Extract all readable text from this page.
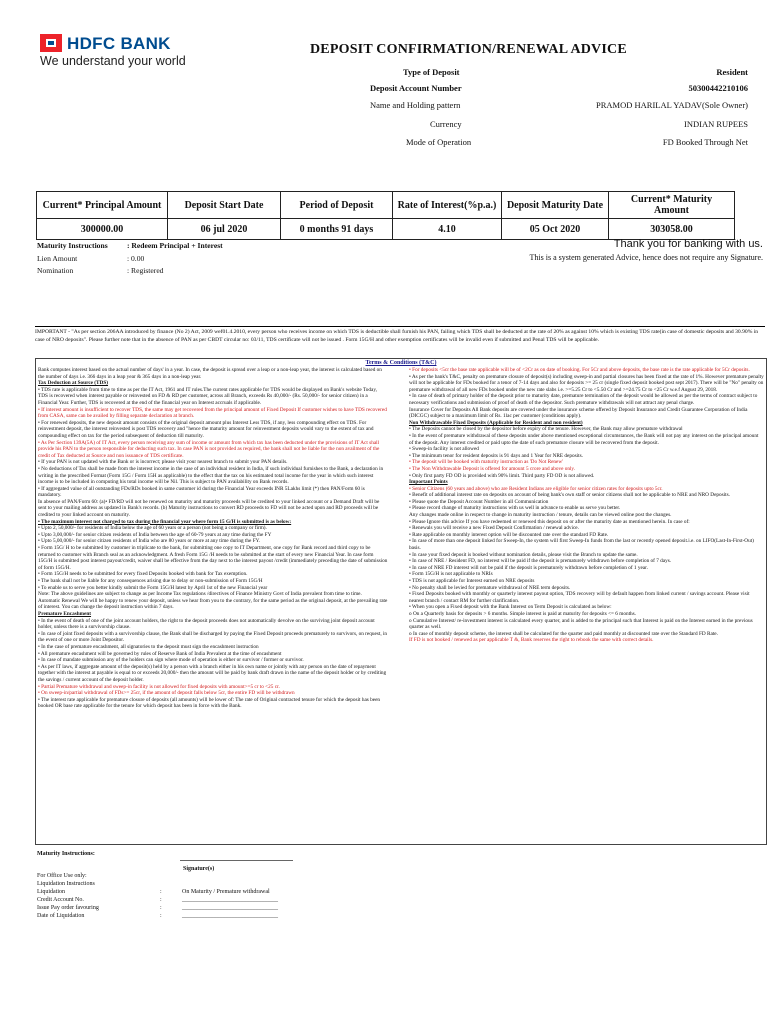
HDFC BANK
We understand your world
DEPOSIT CONFIRMATION/RENEWAL ADVICE
Type of Deposit	Resident
Deposit Account Number	50300442210106
Name and Holding pattern	PRAMOD HARILAL YADAV(Sole Owner)
Currency	INDIAN RUPEES
Mode of Operation	FD Booked Through Net
Current* Principal Amount	Deposit Start Date	Period of Deposit	Rate of Interest(%p.a.)	Deposit Maturity Date	Current* Maturity Amount
300000.00	06 jul 2020	0 months 91 days	4.10	05 Oct 2020	303058.00
Maturity Instructions	: Redeem Principal + Interest
Lien Amount	: 0.00
Nomination	: Registered
Thank you for banking with us.
This is a system generated Advice, hence does not require any Signature.
IMPORTANT - "As per section 206AA introduced by finance (No 2) Act, 2009 wef01.4.2010, every person who receives income on which TDS is deductible shall furnish his PAN, failing which TDS shall be deducted at the rate of 20% as against 10% which is existing TDS rate(in case of domestic deposits and 30.90% in case of NRO deposits". Please further note that in the absence of PAN as per CBDT circular no: 03/11, TDS certificate will not be issued . Form 15G/H and other exemption certificates will be invalid even if submitted and Penal TDS will be applicable.
Terms & Conditions (T&C)

Bank computes interest based on the actual number of days' in a year. In case, the deposit is spread over a leap or a non-leap year, the interest is calculated based on the number of days i.e. 366 days in a leap year & 365 days in a non-leap year.

Tax Deduction at Source (TDS)

• TDS rate is applicable from time to time as per the IT Act, 1961 and IT rules.The current rates applicable for TDS would be displayed on Bank's website Today, TDS is recovered when interest payable or reinvested on FD & RD per customer, across all Branch, exceeds Rs 40,000/- (Rs. 50,000/- for senior citizen) in a Financial Year. Further, TDS is recovered at the end of the financial year on Interest accruals if applicable.

• If interest amount is insufficient to recover TDS, the same may get recovered from the principal amount of Fixed Deposit If customer wishes to have TDS recovered from CASA, same can be availed by filling separate declaration at branch.

• For renewed deposits, the new deposit amount consists of the original deposit amount plus Interest Less TDS, if any, less compounding effect on TDS. For reinvestment deposit, the interest reinvested is post TDS recovery and "hence the maturity amount for reinvestment deposits would vary to the extent of tax and compounding effect on tax for the period subsequent of deduction till maturity.

• As Per Section 139A(5A) of IT Act, every person receiving any sum of income or amount from which tax has been deducted under the provisions of IT Act shall provide his PAN to the person responsible for deducting such tax. In case PAN is not provided as required, the bank shall not be liable for the non availment of the credit of Tax deducted at Source and non issuance of TDS certificate.

• If your PAN is not updated with the Bank or is incorrect; please visit your nearest branch to submit your PAN details.

• No deductions of Tax shall be made from the interest income in the case of an individual resident in India, if such individual furnishes to the Bank, a declaration in writing in the prescribed Format (Form 15G / Form 15H as applicable) to the effect that the tax on his estimated total income for the year in which such interest income is to be included in computing his total income will be Nil. This is subject to PAN availability on Bank records.

• If aggregated value of all outstanding FDs/RDs booked in same customer id during the Financial Year exceeds INR 5Lakhs limit (*) then PAN/Form 60 is mandatory.

In absence of PAN/Form 60: (a)• FD/RD will not be renewed on maturity and maturity proceeds will be credited to your linked account or a Demand Draft will be sent to your mailing address as updated in Bank's records. (b) Maturity instructions to convert RD proceeds to FD will not be acted upon and RD proceeds will be credited to your linked account on maturity.

• The maximum interest not charged to tax during the financial year where form 15 G/H is submitted is as below:

• Upto 2, 50,000/- for residents of India below the age of 60 years or a person (not being a company or firm).

• Upto 3,00,000/- for senior citizen residents of India between the age of 60-79 years at any time during the FY

• Upto 5,00,000/- for senior citizen residents of India who are 80 years or more at any time during the FY.

• Form 15G/ H to be submitted by customer in triplicate to the bank, for submitting one copy to IT Department, one copy for Bank record and third copy to be returned to customer with Branch seal as an acknowledgment. A fresh Form 15G /H needs to be submitted at the start of every new Financial Year. In case form 15G/H is submitted post interest payout/credit, waiver shall be effective from the day next to the interest payout /credit (immediately preceding the date of submission of form 15G/H.

• Form 15G/H needs to be submitted for every fixed Deposits booked with bank for Tax exemption.

• The bank shall not be liable for any consequences arising due to delay or non-submission of Form 15G/H

• To enable us to serve you better kindly submit the Form 15G/H latest by April 1st of the new Financial year

Note: The above guidelines are subject to change as per Income Tax regulations /directives of Finance Ministry Govt of India prevalent from time to time.

Automatic Renewal We will be happy to renew your deposit, unless we hear from you to the contrary, for the same period as the original deposit, at the prevailing rate of interest. You can change the deposit instruction within 7 days.

Premature Encashment

• In the event of death of one of the joint account holders, the right to the deposit proceeds does not automatically devolve on the surviving joint deposit account holder, unless there is a survivorship clause.

• In case of joint fixed deposits with a survivorship clause, the Bank shall be discharged by paying the Fixed Deposit proceeds prematurely to survivors, on request, in the event of one or more Joint Depositor.

• In the case of premature encashment, all signatories to the deposit must sign the encashment instruction

• All premature encashment will be governed by rules of Reserve Bank of India Prevalent at the time of encashment

• In case of mandate submission any of the holders can sign where mode of operation is either or survivor / former or survivor.

• As per IT laws, if aggregate amount of the deposit(s) held by a person with a branch either in his own name or jointly with any person on the date of repayment together with the interest at payable is equal to or exceeds 20,000/- then the amount will be paid by bank draft drawn in the name of the deposit holder or by crediting the savings / current account of the deposit holder.

• Partial Premature withdrawal and sweep-in facility is not allowed for fixed deposits with amount>=5 cr to <25 cr.

• On sweep-in/partial withdrawal of FDs>= 25cr, if the amount of deposit falls below 5cr, the entire FD will be withdrawn

• The interest rate applicable for premature closure of deposits (all amounts) will be lower of: The rate of Original contracted tenure for which the deposit has been booked OR base rate applicable for the tenure for which deposit has been in force with the Bank.

• For deposits <5cr the base rate applicable will be of <2Cr as on date of booking. For 5Cr and above deposits, the base rate is the rate applicable for 5Cr deposits.

• As per the bank's T&C, penalty on premature closure of deposit(s) including sweep-in and partial closures has been fixed at the rate of 1%. However premature penalty will not be applicable for FDs booked for a tenor of 7-14 days and also for deposits >= 25 cr (single fixed deposit booked post sept 2017). There will be "No" penalty on premature withdrawal of all new FDs booked under the new rate slabs i.e. >=5.25 Cr to <5.50 Cr and >=24.75 Cr to <25 Cr w.e.f August 29, 2018.

• In case of death of primary holder of the deposit prior to maturity date, premature termination of the deposit would be allowed as per the terms of contract subject to necessary verifications and submission of proof of death of the depositor. Such premature withdrawals will not attract any penal charge.

Insurance Cover for Deposits All Bank deposits are covered under the insurance scheme offered by Deposit Insurance and Credit Guarantee Corporation of India (DICGC) subject to a maximum limit of Rs. 1lac per customer (conditions apply).

Non Withdrawable Fixed Deposits (Applicable for Resident and non resident)

• The Deposits cannot be closed by the depositor before expiry of the tenure. However, the Bank may allow premature withdrawal

• In the event of premature withdrawal of these deposits under above mentioned exceptional circumstances, the Bank will not pay any interest on the principal amount of the deposit. Any interest credited or paid upto the date of such premature closure will be recovered from the deposit.

• Sweep-in facility is not allowed

• The minimum tenor for resident deposits is 91 days and 1 Year for NRE deposits.

• The deposit will be booked with maturity instruction as 'Do Not Renew'

• The Non Withdrawable Deposit is offered for amount 5 crore and above only.

• Only first party FD OD is provided with 90% limit. Third party FD OD is not allowed.

Important Points

• Senior Citizens (60 years and above) who are Resident Indians are eligible for senior citizen rates for deposits upto 5cr.

• Benefit of additional interest rate on deposits on account of being bank's own staff or senior citizens shall not be applicable to NRE and NRO Deposits.

• Please quote the Deposit Account Number in all Communication

• Please record change of maturity instructions with us well in advance to enable us serve you better.

Any changes made online in respect to change in maturity instruction / tenure, details can be viewed online post the changes.

• Please Ignore this advice If you have redeemed or renewed this deposit on or after the maturity date as mentioned herein. In case of:

• Renewals you will receive a new Fixed Deposit Confirmation / renewal advice.

• Rate applicable on monthly interest option will be discounted rate over the standard FD Rate.

• In case of more than one deposit linked for Sweep-In, the system will first Sweep-In funds from the last or recently opened deposit.i.e. on LIFO(Last-In-First-Out) basis.

• In case your fixed deposit is booked without nomination details, please visit the Branch to update the same.

• In case of NRE / Resident FD, no interest will be paid if the deposit is prematurely withdrawn before completion of 7 days.

• In case of NRE FD interest will not be paid if the deposit is prematurely withdrawn before completion of 1 year.

• Form 15G/H is not applicable to NRIs

• TDS is not applicable for Interest earned on NRE deposits

• No penalty shall be levied for premature withdrawal of NRE term deposits.

• Fixed Deposits booked with monthly or quarterly interest payout option, TDS recovery will by default happen from linked current / savings account. Please visit nearest branch / contact RM for further clarification.

• When you open a Fixed deposit with the Bank Interest on Term Deposit is calculated as below:

o On a Quarterly basis for deposits > 6 months. Simple interest is paid at maturity for deposits <= 6 months.

o Cumulative Interest/ re-investment interest is calculated every quarter, and is added to the principal such that Interest is paid on the Interest earned in the previous quarter as well.

o In case of monthly deposit scheme, the interest shall be calculated for the quarter and paid monthly at discounted rate over the Standard FD Rate.

If FD is not booked / renewed as per applicable T &, Bank reserves the right to rebook the same with correct details.

Maturity Instructions:
Signature(s)
For Office Use only:
Liquidation Instructions
Liquidation	:	On Maturity / Premature withdrawal
Credit Account No.	:	________________________________
Issue Pay order favouring	:	________________________________
Date of Liquidation	:	________________________________
